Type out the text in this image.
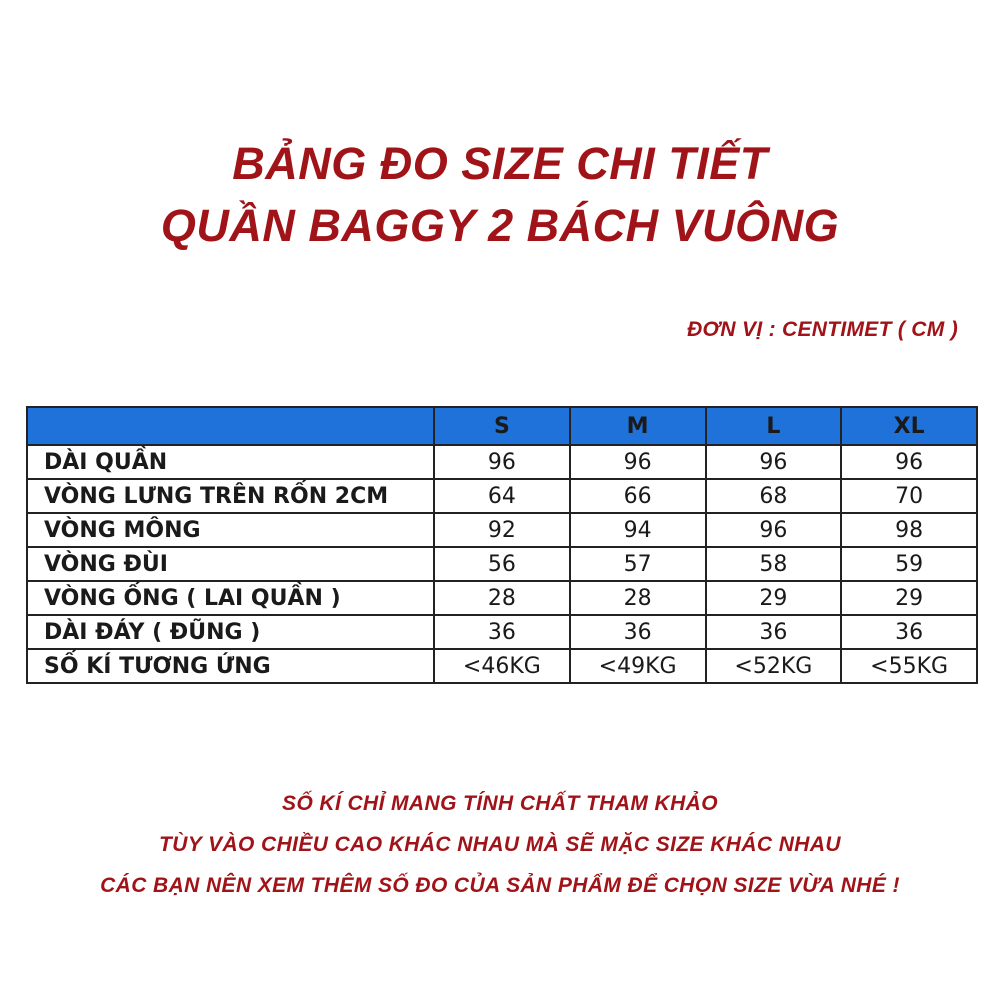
BẢNG ĐO SIZE CHI TIẾT
QUẦN BAGGY 2 BÁCH VUÔNG
ĐƠN VỊ : CENTIMET ( CM )
	S	M	L	XL
DÀI QUẦN	96	96	96	96
VÒNG LƯNG TRÊN RỐN 2CM	64	66	68	70
VÒNG MÔNG	92	94	96	98
VÒNG ĐÙI	56	57	58	59
VÒNG ỐNG ( LAI QUẦN )	28	28	29	29
DÀI ĐÁY ( ĐŨNG )	36	36	36	36
SỐ KÍ TƯƠNG ỨNG	<46KG	<49KG	<52KG	<55KG
SỐ KÍ CHỈ MANG TÍNH CHẤT THAM KHẢO
TÙY VÀO CHIỀU CAO KHÁC NHAU MÀ SẼ MẶC SIZE KHÁC NHAU
CÁC BẠN NÊN XEM THÊM SỐ ĐO CỦA SẢN PHẨM ĐỂ CHỌN SIZE VỪA NHÉ !
